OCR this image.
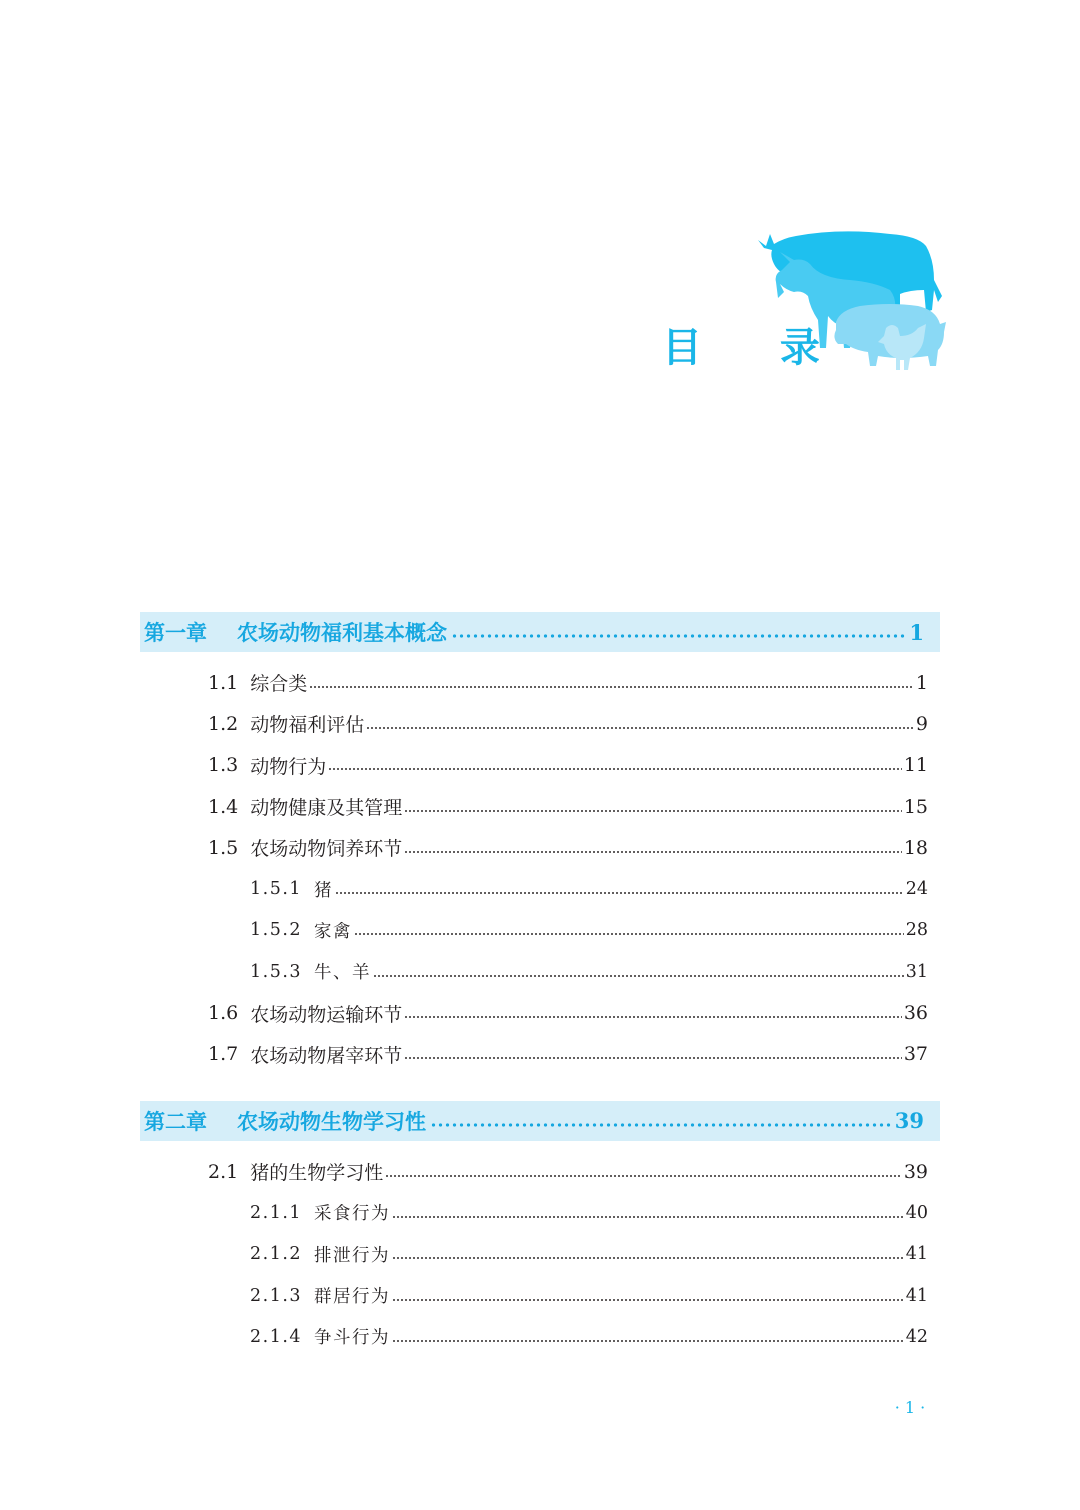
目 录
第一章 农场动物福利基本概念	1
1.1 综合类	1
1.2 动物福利评估	9
1.3 动物行为	11
1.4 动物健康及其管理	15
1.5 农场动物饲养环节	18
1.5.1 猪	24
1.5.2 家禽	28
1.5.3 牛、羊	31
1.6 农场动物运输环节	36
1.7 农场动物屠宰环节	37
第二章 农场动物生物学习性	39
2.1 猪的生物学习性	39
2.1.1 采食行为	40
2.1.2 排泄行为	41
2.1.3 群居行为	41
2.1.4 争斗行为	42
· 1 ·
